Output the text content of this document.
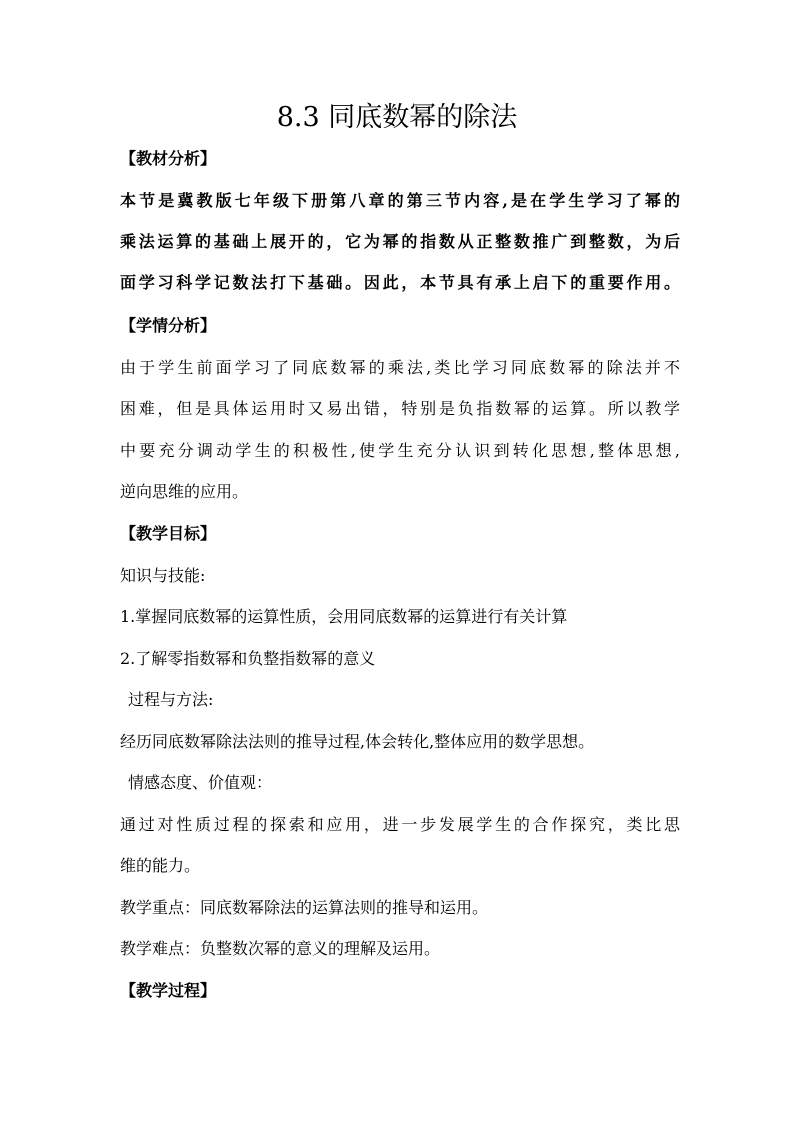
8.3 同底数幂的除法

【教材分析】

本节是冀教版七年级下册第八章的第三节内容,是在学生学习了幂的

乘法运算的基础上展开的，它为幂的指数从正整数推广到整数，为后

面学习科学记数法打下基础。因此，本节具有承上启下的重要作用。

【学情分析】

由于学生前面学习了同底数幂的乘法,类比学习同底数幂的除法并不

困难，但是具体运用时又易出错，特别是负指数幂的运算。所以教学

中要充分调动学生的积极性,使学生充分认识到转化思想,整体思想,

逆向思维的应用。

【教学目标】

知识与技能:

1.掌握同底数幂的运算性质，会用同底数幂的运算进行有关计算

2.了解零指数幂和负整指数幂的意义

过程与方法:

经历同底数幂除法法则的推导过程,体会转化,整体应用的数学思想。

情感态度、价值观：

通过对性质过程的探索和应用，进一步发展学生的合作探究，类比思

维的能力。

教学重点：同底数幂除法的运算法则的推导和运用。

教学难点：负整数次幂的意义的理解及运用。

【教学过程】
